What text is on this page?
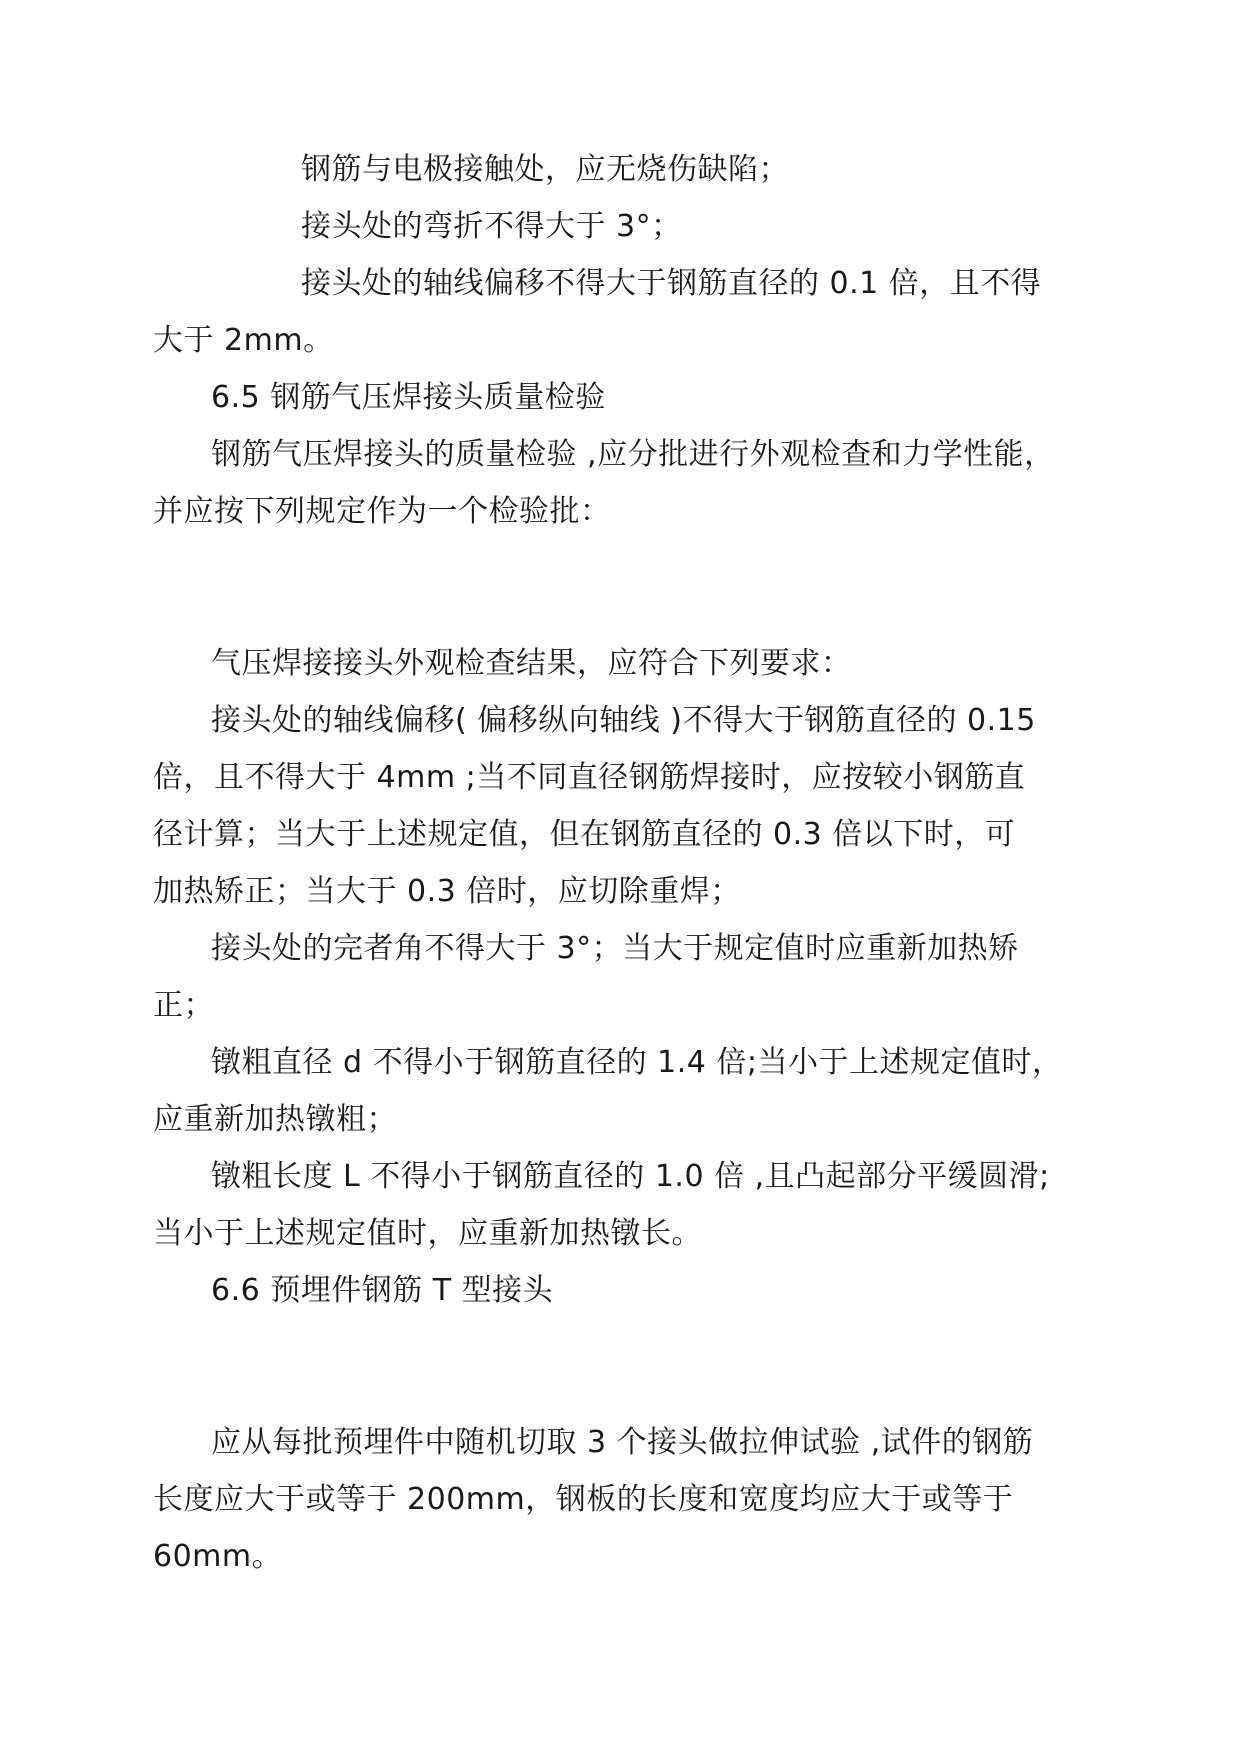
钢筋与电极接触处，应无烧伤缺陷；
接头处的弯折不得大于 3°；
接头处的轴线偏移不得大于钢筋直径的 0.1 倍，且不得
大于 2mm。
6.5 钢筋气压焊接头质量检验
钢筋气压焊接头的质量检验 ,应分批进行外观检查和力学性能，
并应按下列规定作为一个检验批：
气压焊接接头外观检查结果，应符合下列要求：
接头处的轴线偏移( 偏移纵向轴线 )不得大于钢筋直径的 0.15
倍，且不得大于 4mm ;当不同直径钢筋焊接时，应按较小钢筋直
径计算；当大于上述规定值，但在钢筋直径的 0.3 倍以下时，可
加热矫正；当大于 0.3 倍时，应切除重焊；
接头处的完者角不得大于 3°；当大于规定值时应重新加热矫
正；
镦粗直径 d 不得小于钢筋直径的 1.4 倍;当小于上述规定值时，
应重新加热镦粗；
镦粗长度 L 不得小于钢筋直径的 1.0 倍 ,且凸起部分平缓圆滑;
当小于上述规定值时，应重新加热镦长。
6.6 预埋件钢筋 T 型接头
应从每批预埋件中随机切取 3 个接头做拉伸试验 ,试件的钢筋
长度应大于或等于 200mm，钢板的长度和宽度均应大于或等于
60mm。
